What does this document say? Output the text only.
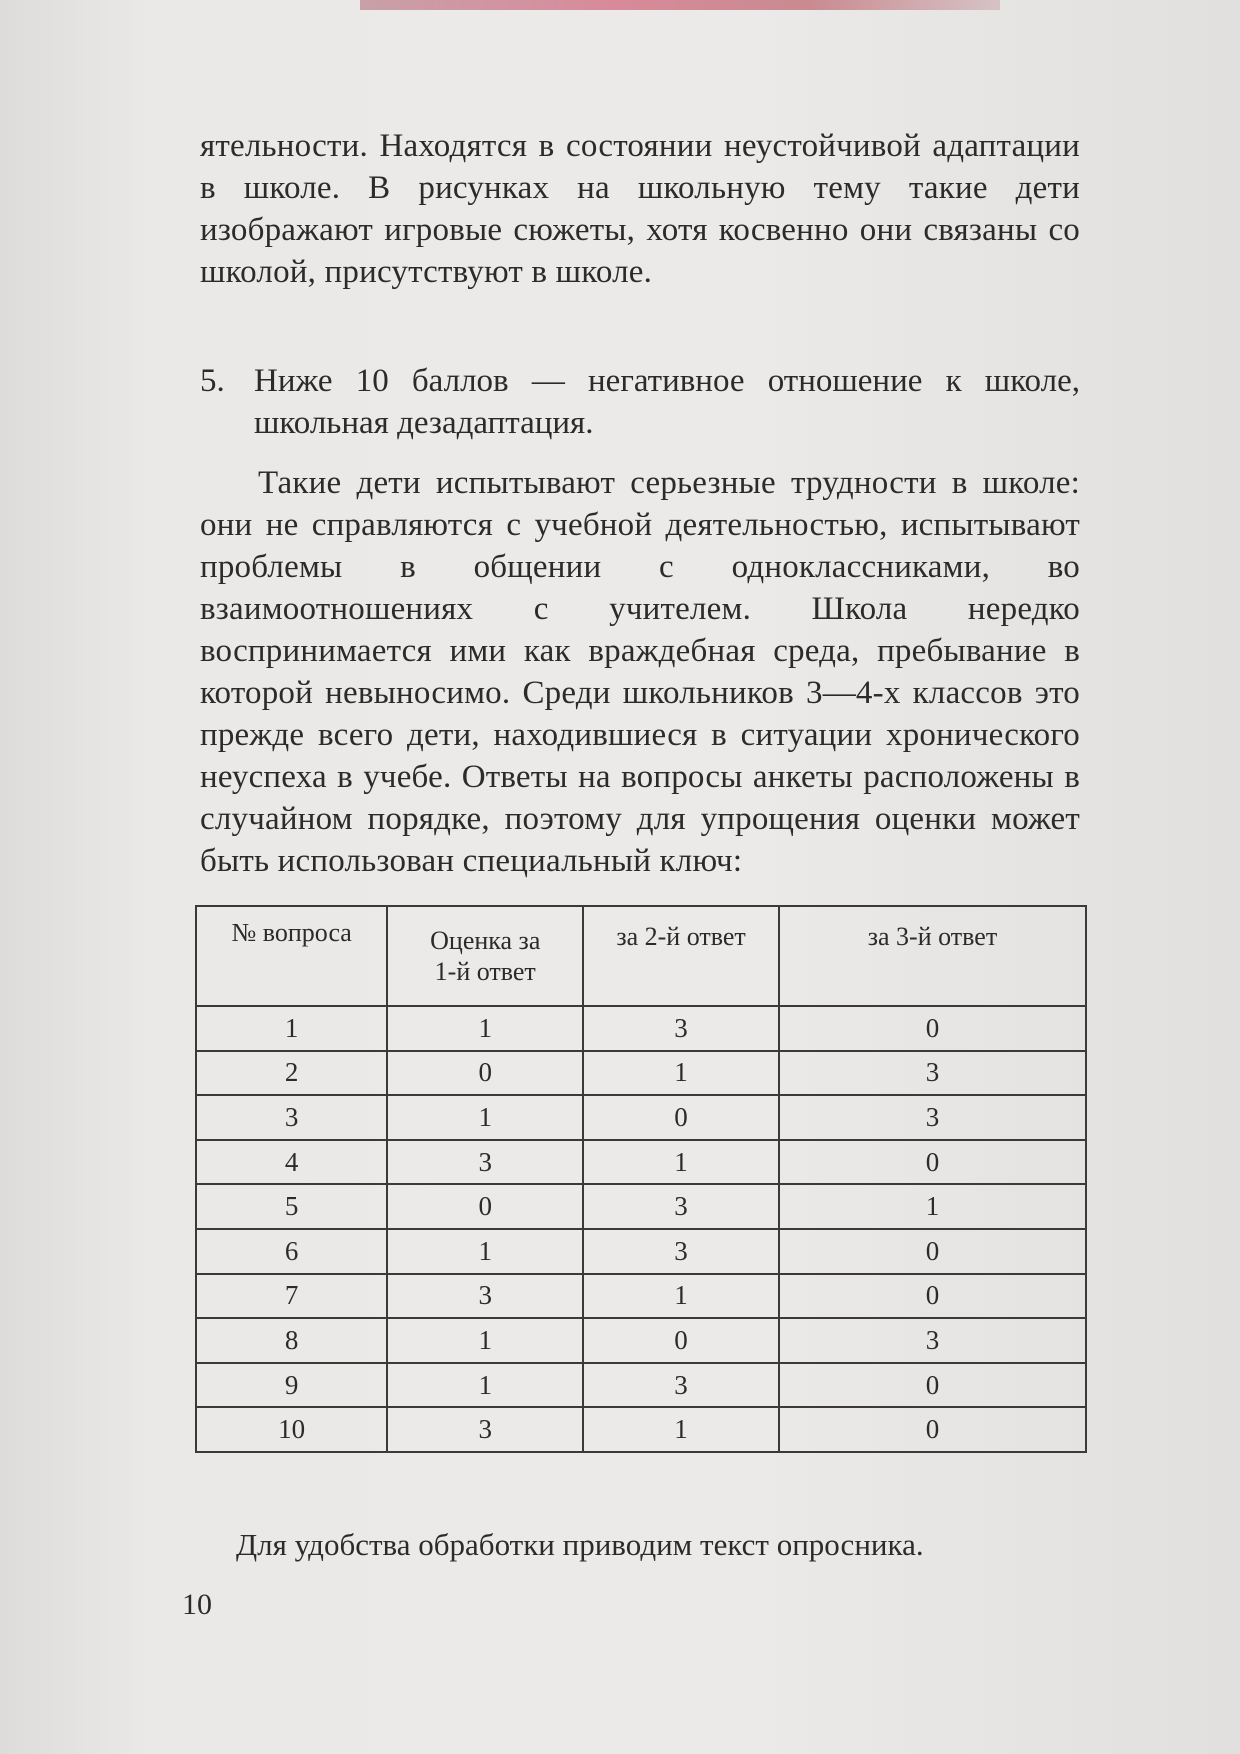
ятельности. Находятся в состоянии неустойчивой адаптации в школе. В рисунках на школьную тему такие дети изображают игровые сюжеты, хотя косвенно они связаны со школой, присутствуют в школе.
5. Ниже 10 баллов — негативное отношение к школе, школьная дезадаптация.
Такие дети испытывают серьезные трудности в школе: они не справляются с учебной деятельностью, испытывают проблемы в общении с одноклассниками, во взаимоотношениях с учителем. Школа нередко воспринимается ими как враждебная среда, пребывание в которой невыносимо. Среди школьников 3—4-х классов это прежде всего дети, находившиеся в ситуации хронического неуспеха в учебе. Ответы на вопросы анкеты расположены в случайном порядке, поэтому для упрощения оценки может быть использован специальный ключ:
№ вопроса	Оценка за 1-й ответ	за 2-й ответ	за 3-й ответ
1	1	3	0
2	0	1	3
3	1	0	3
4	3	1	0
5	0	3	1
6	1	3	0
7	3	1	0
8	1	0	3
9	1	3	0
10	3	1	0
Для удобства обработки приводим текст опросника.
10
